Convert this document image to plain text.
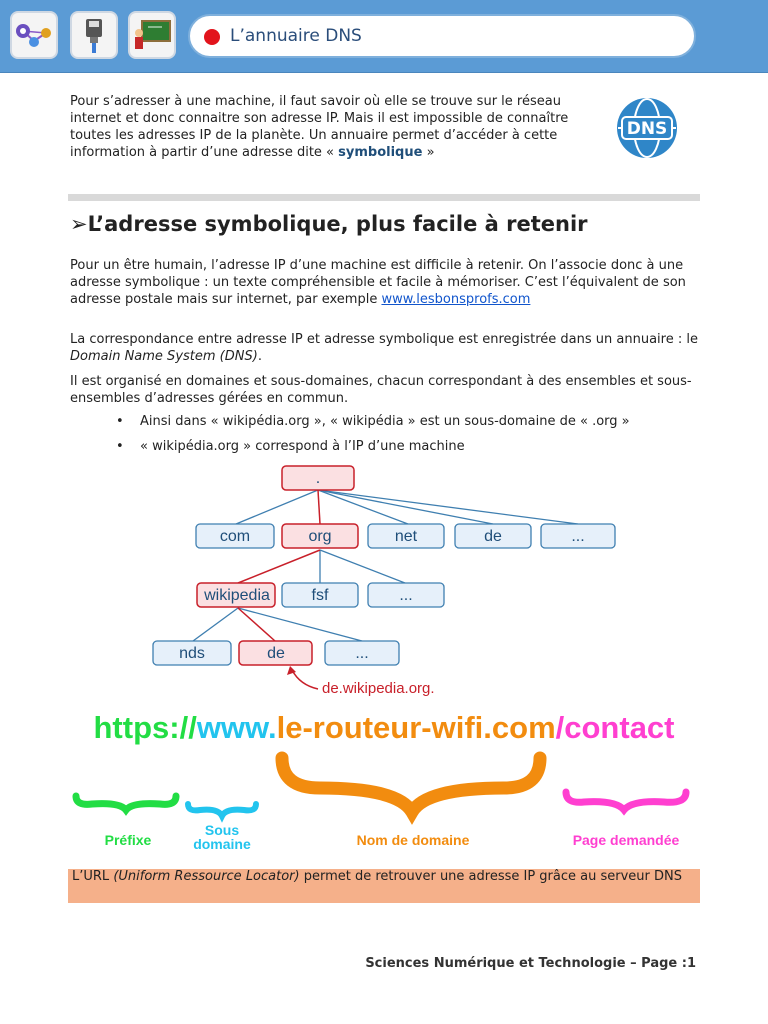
L’annuaire DNS

Pour s’adresser à une machine, il faut savoir où elle se trouve sur le réseau internet et donc connaitre son adresse IP. Mais il est impossible de connaître toutes les adresses IP de la planète. Un annuaire permet d’accéder à cette information à partir d’une adresse dite « symbolique »

DNS
➢L’adresse symbolique, plus facile à retenir

Pour un être humain, l’adresse IP d’une machine est difficile à retenir. On l’associe donc à une adresse symbolique : un texte compréhensible et facile à mémoriser. C’est l’équivalent de son adresse postale mais sur internet, par exemple www.lesbonsprofs.com

La correspondance entre adresse IP et adresse symbolique est enregistrée dans un annuaire : le Domain Name System (DNS).

Il est organisé en domaines et sous-domaines, chacun correspondant à des ensembles et sous-ensembles d’adresses gérées en commun.

• Ainsi dans « wikipédia.org », « wikipédia » est un sous-domaine de « .org »
• « wikipédia.org » correspond à l’IP d’une machine
.
com	org	net	de	...
wikipedia	fsf	...
nds	de	...
de.wikipedia.org.
https://www.le-routeur-wifi.com/contact
Préfixe
Sous
domaine	Nom de domaine	Page demandée
L’URL (Uniform Ressource Locator) permet de retrouver une adresse IP grâce au serveur DNS
Sciences Numérique et Technologie – Page :1
